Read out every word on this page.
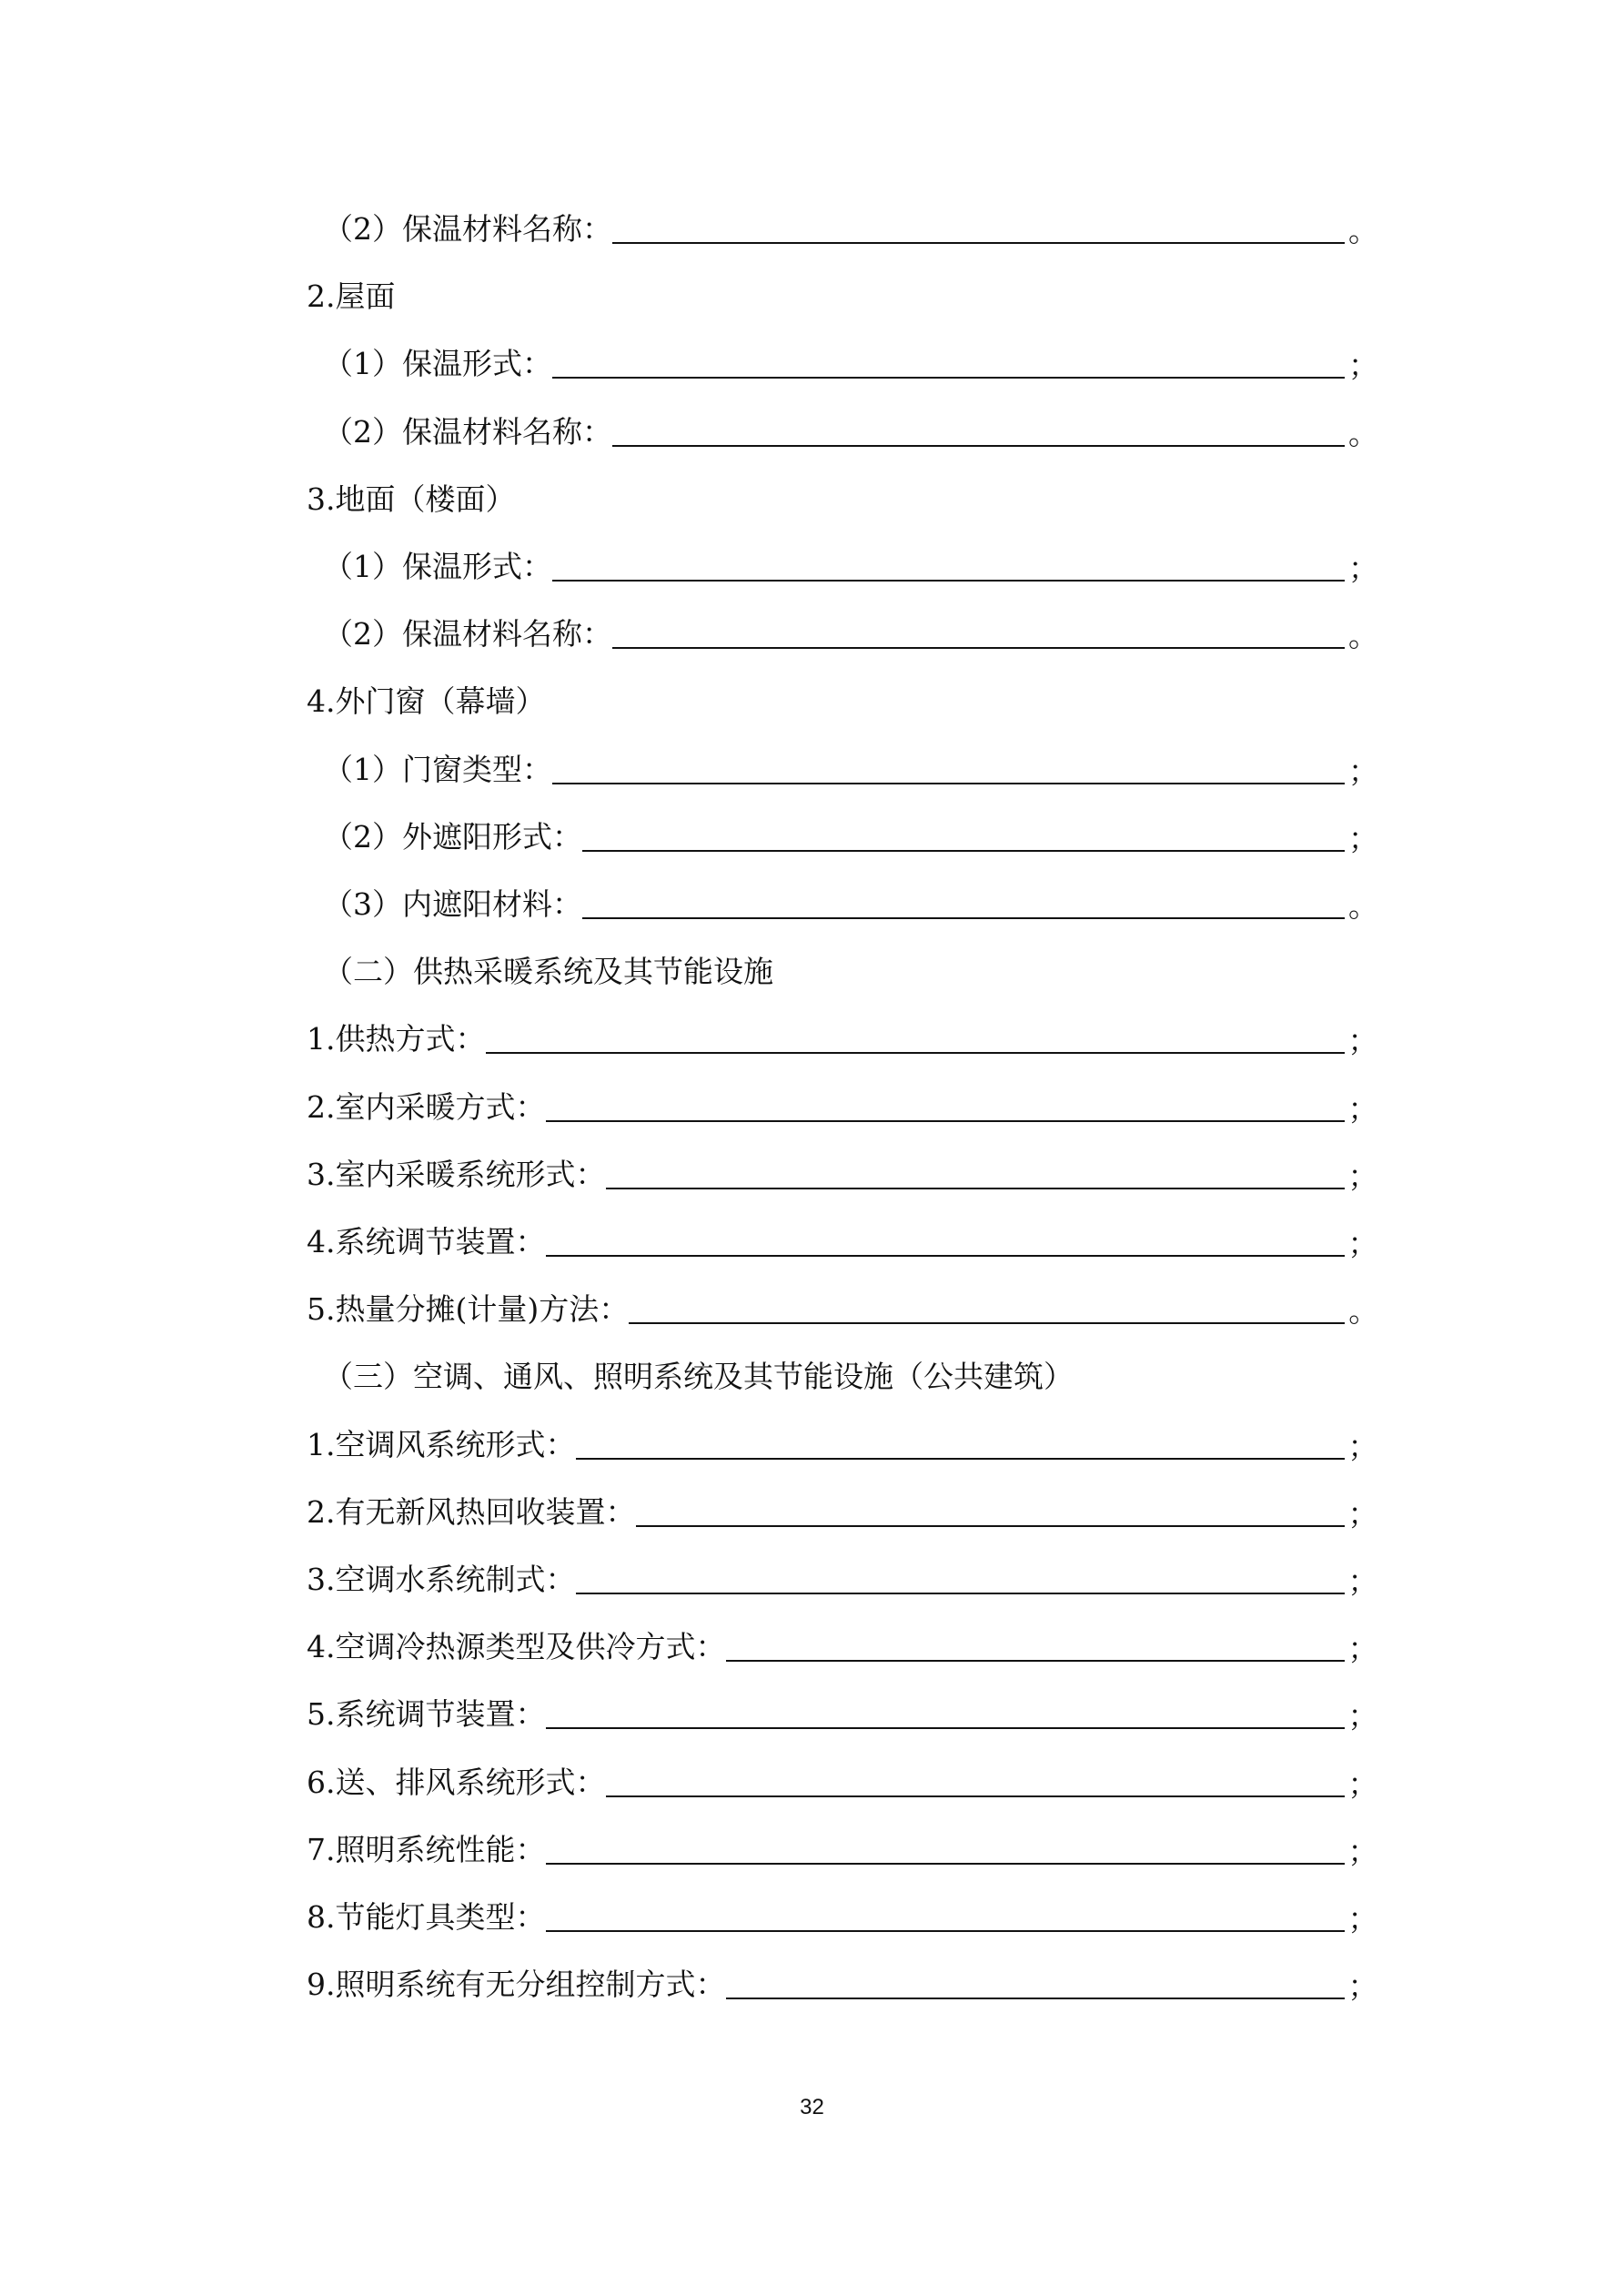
32
（2）保温材料名称：	。
2.屋面
（1）保温形式：	；
（2）保温材料名称：	。
3.地面（楼面）
（1）保温形式：	；
（2）保温材料名称：	。
4.外门窗（幕墙）
（1）门窗类型：	；
（2）外遮阳形式：	；
（3）内遮阳材料：	。
（二）供热采暖系统及其节能设施
1.供热方式：	；
2.室内采暖方式：	；
3.室内采暖系统形式：	；
4.系统调节装置：	；
5.热量分摊(计量)方法：	。
（三）空调、通风、照明系统及其节能设施（公共建筑）
1.空调风系统形式：	；
2.有无新风热回收装置：	；
3.空调水系统制式：	；
4.空调冷热源类型及供冷方式：	；
5.系统调节装置：	；
6.送、排风系统形式：	；
7.照明系统性能：	；
8.节能灯具类型：	；
9.照明系统有无分组控制方式：	；
